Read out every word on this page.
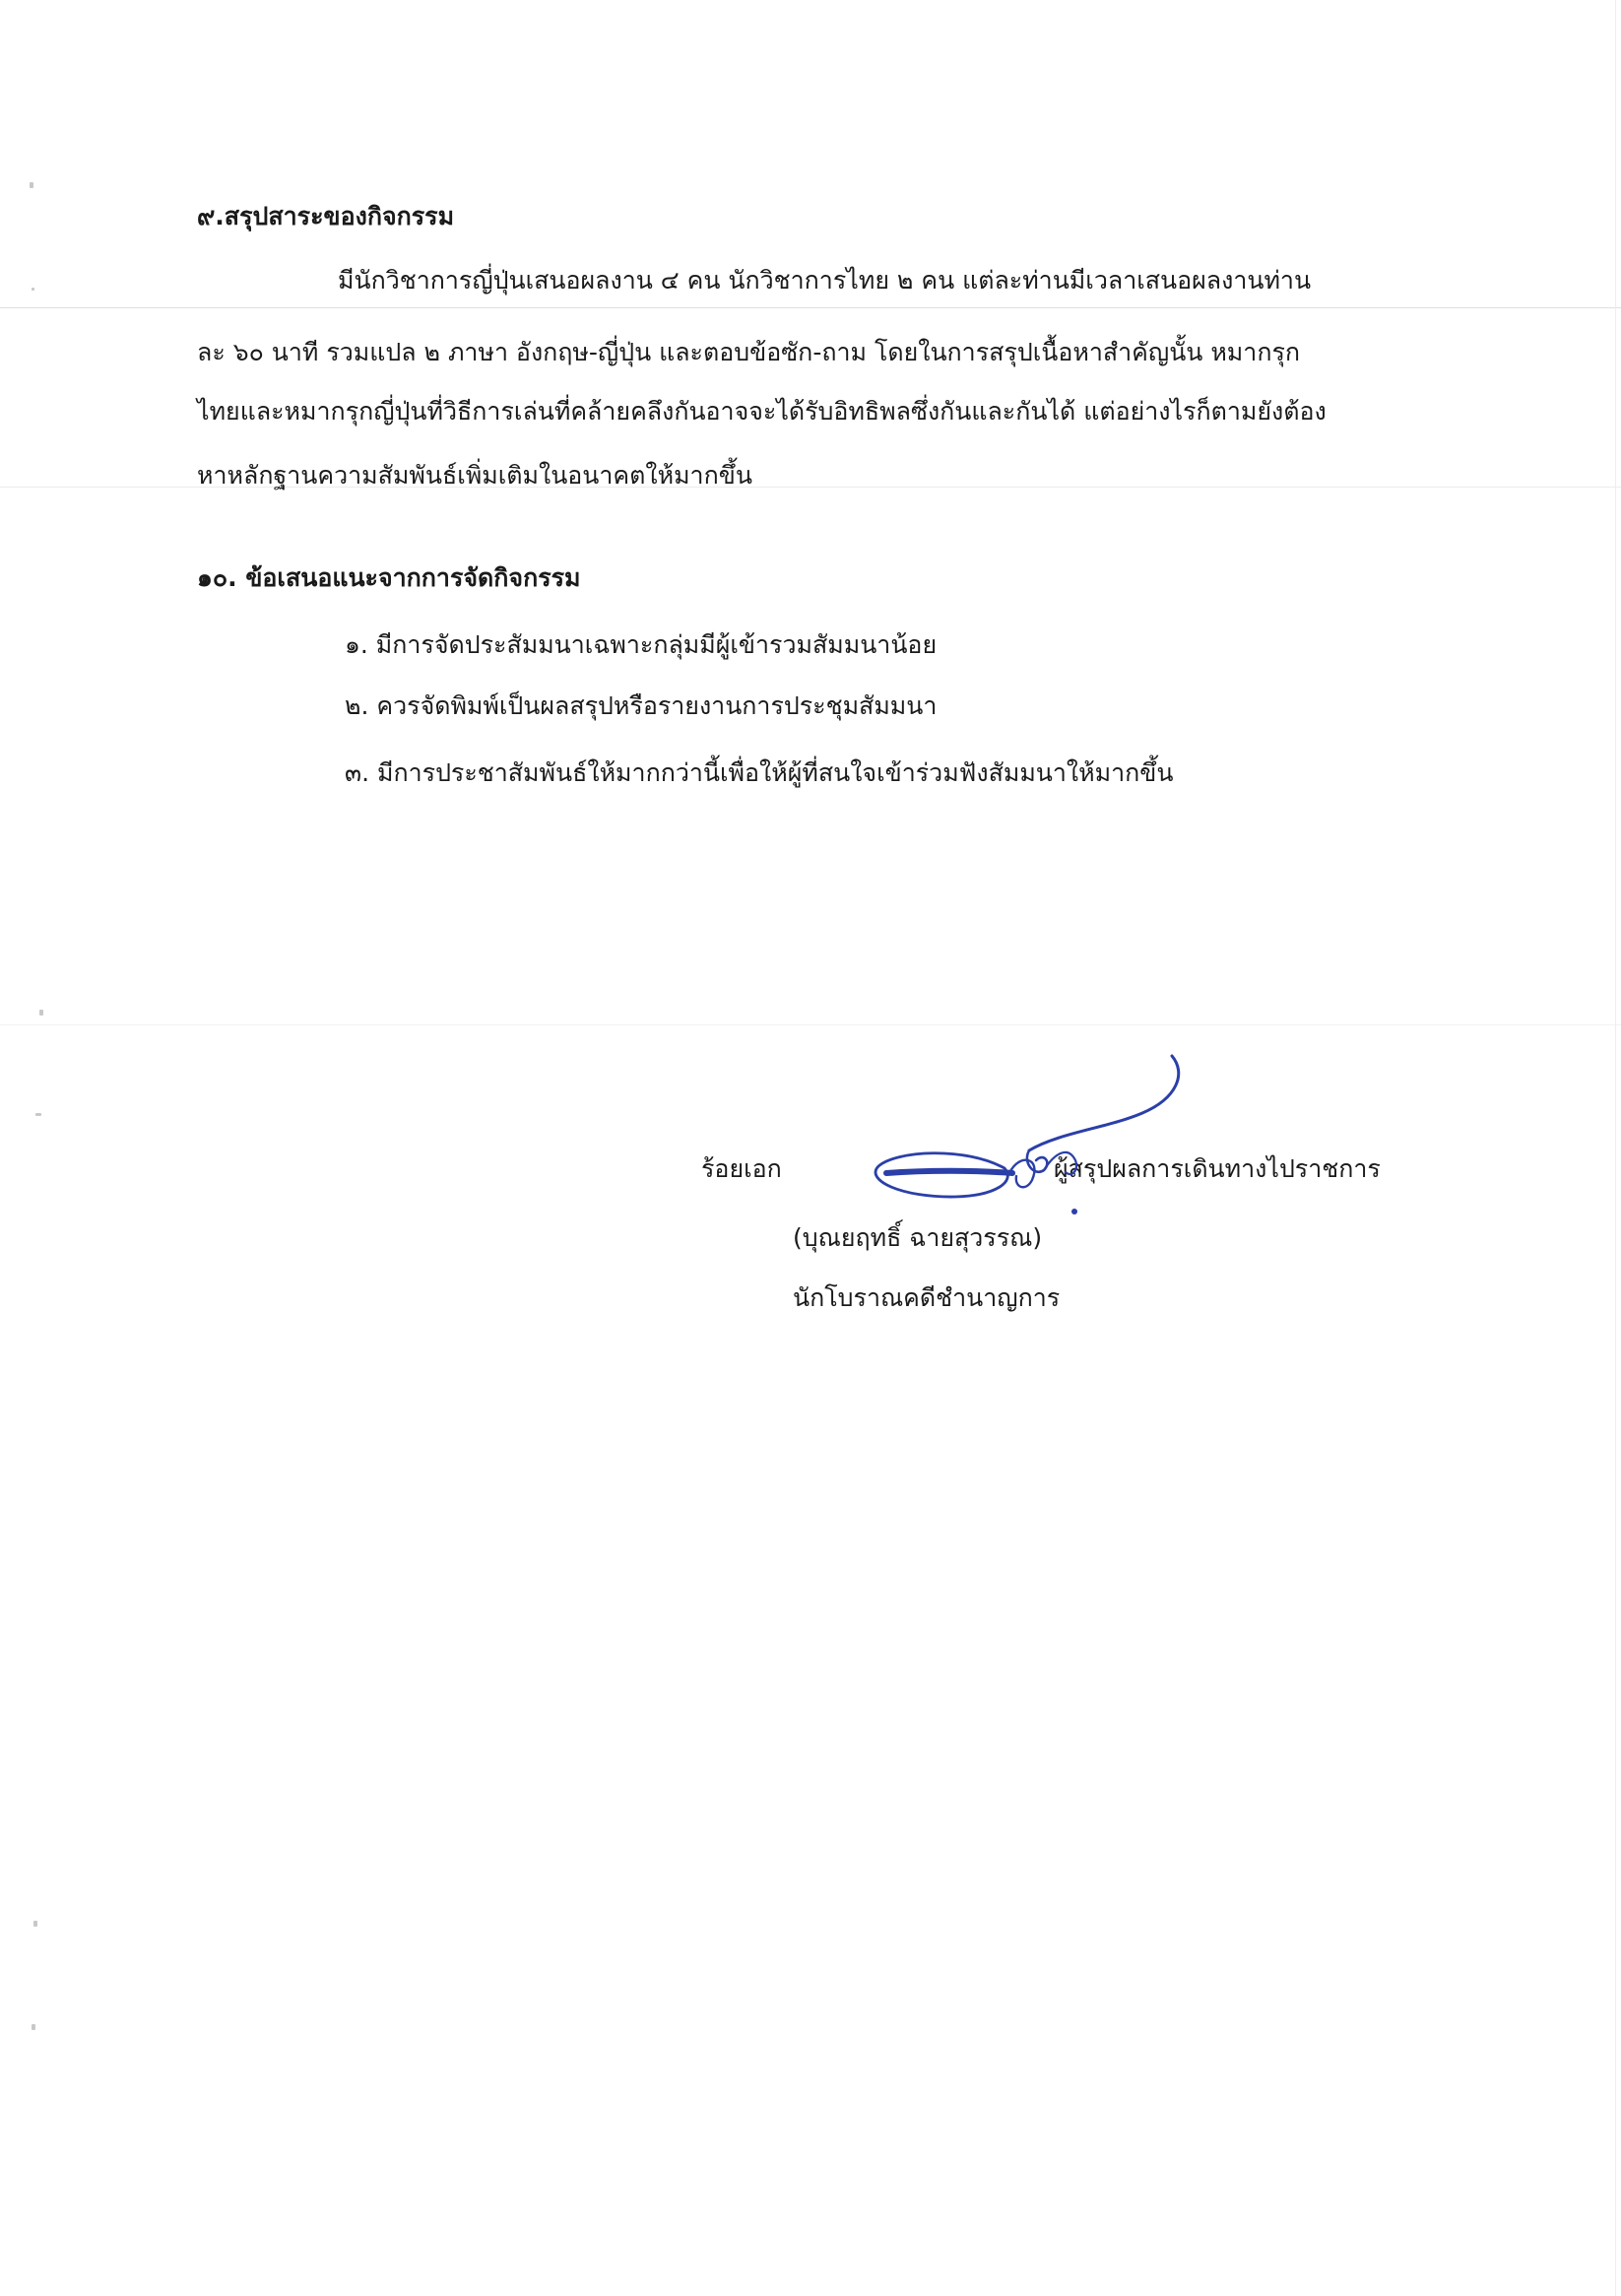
๙.สรุปสาระของกิจกรรม

มีนักวิชาการญี่ปุ่นเสนอผลงาน ๔ คน นักวิชาการไทย ๒ คน แต่ละท่านมีเวลาเสนอผลงานท่าน

ละ ๖๐ นาที รวมแปล ๒ ภาษา อังกฤษ-ญี่ปุ่น และตอบข้อซัก-ถาม โดยในการสรุปเนื้อหาสำคัญนั้น หมากรุก

ไทยและหมากรุกญี่ปุ่นที่วิธีการเล่นที่คล้ายคลึงกันอาจจะได้รับอิทธิพลซึ่งกันและกันได้ แต่อย่างไรก็ตามยังต้อง

หาหลักฐานความสัมพันธ์เพิ่มเติมในอนาคตให้มากขึ้น

๑๐. ข้อเสนอแนะจากการจัดกิจกรรม

๑. มีการจัดประสัมมนาเฉพาะกลุ่มมีผู้เข้ารวมสัมมนาน้อย

๒. ควรจัดพิมพ์เป็นผลสรุปหรือรายงานการประชุมสัมมนา

๓. มีการประชาสัมพันธ์ให้มากกว่านี้เพื่อให้ผู้ที่สนใจเข้าร่วมฟังสัมมนาให้มากขึ้น

ร้อยเอก	ผู้สรุปผลการเดินทางไปราชการ

(บุณยฤทธิ์ ฉายสุวรรณ)

นักโบราณคดีชำนาญการ
